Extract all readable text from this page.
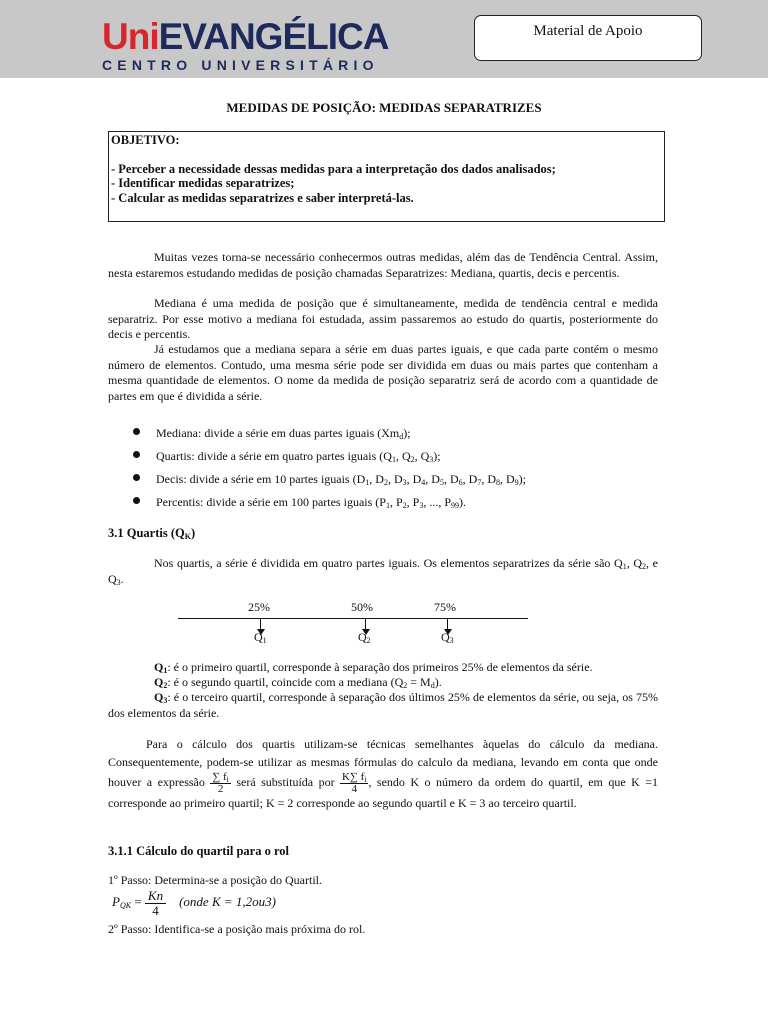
UniEVANGÉLICA
CENTRO UNIVERSITÁRIO
Material de Apoio
MEDIDAS DE POSIÇÃO: MEDIDAS SEPARATRIZES
OBJETIVO:
- Perceber a necessidade dessas medidas para a interpretação dos dados analisados;
- Identificar medidas separatrizes;
- Calcular as medidas separatrizes e saber interpretá-las.
Muitas vezes torna-se necessário conhecermos outras medidas, além das de Tendência Central. Assim, nesta estaremos estudando medidas de posição chamadas Separatrizes: Mediana, quartis, decis e percentis.
Mediana é uma medida de posição que é simultaneamente, medida de tendência central e medida separatriz. Por esse motivo a mediana foi estudada, assim passaremos ao estudo do quartis, posteriormente do decis e percentis.
Já estudamos que a mediana separa a série em duas partes iguais, e que cada parte contém o mesmo número de elementos. Contudo, uma mesma série pode ser dividida em duas ou mais partes que contenham a mesma quantidade de elementos. O nome da medida de posição separatriz será de acordo com a quantidade de partes em que é dividida a série.
Mediana: divide a série em duas partes iguais $(Xm_d)$;
Quartis: divide a série em quatro partes iguais ($Q_1$, $Q_2$, $Q_3$);
Decis: divide a série em 10 partes iguais ($D_1$, $D_2$, $D_3$, $D_4$, $D_5$, $D_6$, $D_7$, $D_8$, $D_9$);
Percentis: divide a série em 100 partes iguais ($P_1$, $P_2$, $P_3$, ..., $P_{99}$).
3.1 Quartis $(Q_K)$
Nos quartis, a série é dividida em quatro partes iguais. Os elementos separatrizes da série são $Q_1$, $Q_2$, e $Q_3$.
25%	50%	75%
$Q_1$	$Q_2$	$Q_3$
$Q_1$: é o primeiro quartil, corresponde à separação dos primeiros 25% de elementos da série.
$Q_2$: é o segundo quartil, coincide com a mediana $(Q_2 = M_d)$.
$Q_3$: é o terceiro quartil, corresponde à separação dos últimos 25% de elementos da série, ou seja, os 75% dos elementos da série.
Para o cálculo dos quartis utilizam-se técnicas semelhantes àquelas do cálculo da mediana. Consequentemente, podem-se utilizar as mesmas fórmulas do calculo da mediana, levando em conta que onde houver a expressão $\frac{\sum f_i}{2}$ será substituída por $\frac{K\sum f_i}{4}$, sendo K o número da ordem do quartil, em que K =1 corresponde ao primeiro quartil; K = 2 corresponde ao segundo quartil e K = 3 ao terceiro quartil.
3.1.1 Cálculo do quartil para o rol
1º Passo: Determina-se a posição do Quartil.
$P_{QK} = \frac{Kn}{4}$ (onde K = 1,2ou3)
2º Passo: Identifica-se a posição mais próxima do rol.
